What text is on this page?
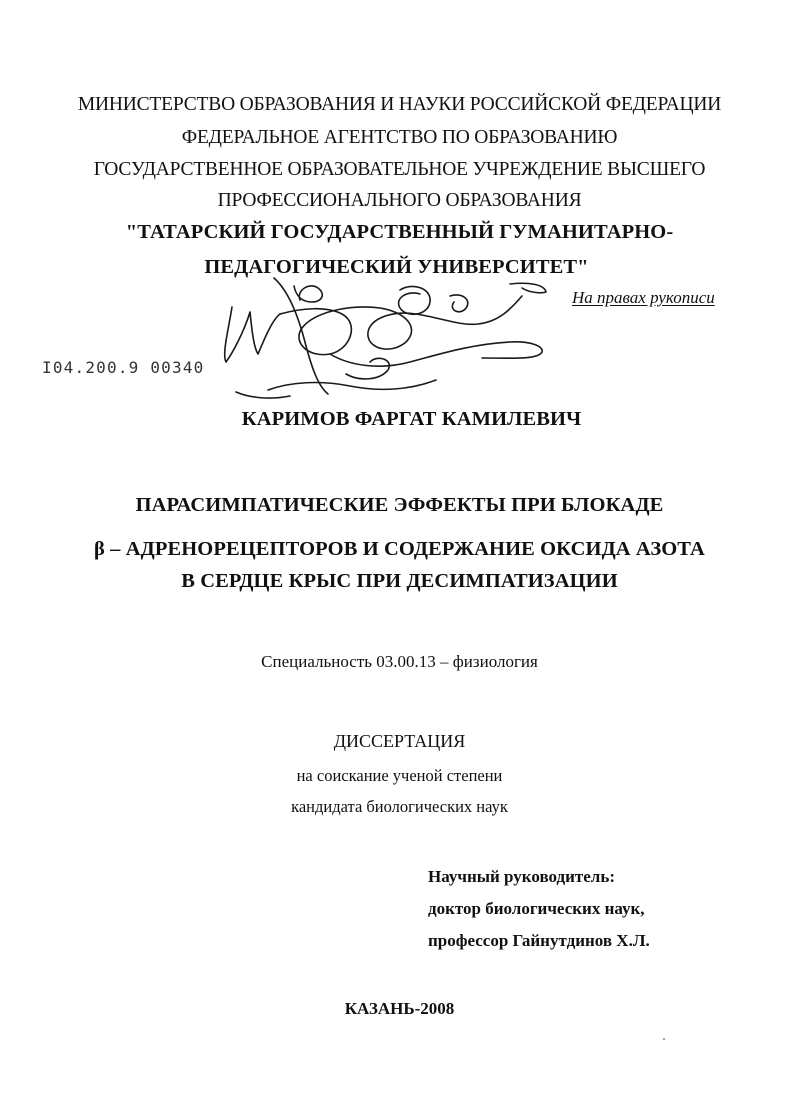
МИНИСТЕРСТВО ОБРАЗОВАНИЯ И НАУКИ РОССИЙСКОЙ ФЕДЕРАЦИИ
ФЕДЕРАЛЬНОЕ АГЕНТСТВО ПО ОБРАЗОВАНИЮ
ГОСУДАРСТВЕННОЕ ОБРАЗОВАТЕЛЬНОЕ УЧРЕЖДЕНИЕ ВЫСШЕГО
ПРОФЕССИОНАЛЬНОГО ОБРАЗОВАНИЯ
"ТАТАРСКИЙ ГОСУДАРСТВЕННЫЙ ГУМАНИТАРНО-
ПЕДАГОГИЧЕСКИЙ УНИВЕРСИТЕТ"
На правах рукописи
I04.200.9 00340
КАРИМОВ ФАРГАТ КАМИЛЕВИЧ
ПАРАСИМПАТИЧЕСКИЕ ЭФФЕКТЫ ПРИ БЛОКАДЕ
β – АДРЕНОРЕЦЕПТОРОВ И СОДЕРЖАНИЕ ОКСИДА АЗОТА
В СЕРДЦЕ КРЫС ПРИ ДЕСИМПАТИЗАЦИИ
Специальность 03.00.13 – физиология
ДИССЕРТАЦИЯ
на соискание ученой степени
кандидата биологических наук
Научный руководитель:
доктор биологических наук,
профессор Гайнутдинов Х.Л.
КАЗАНЬ-2008
